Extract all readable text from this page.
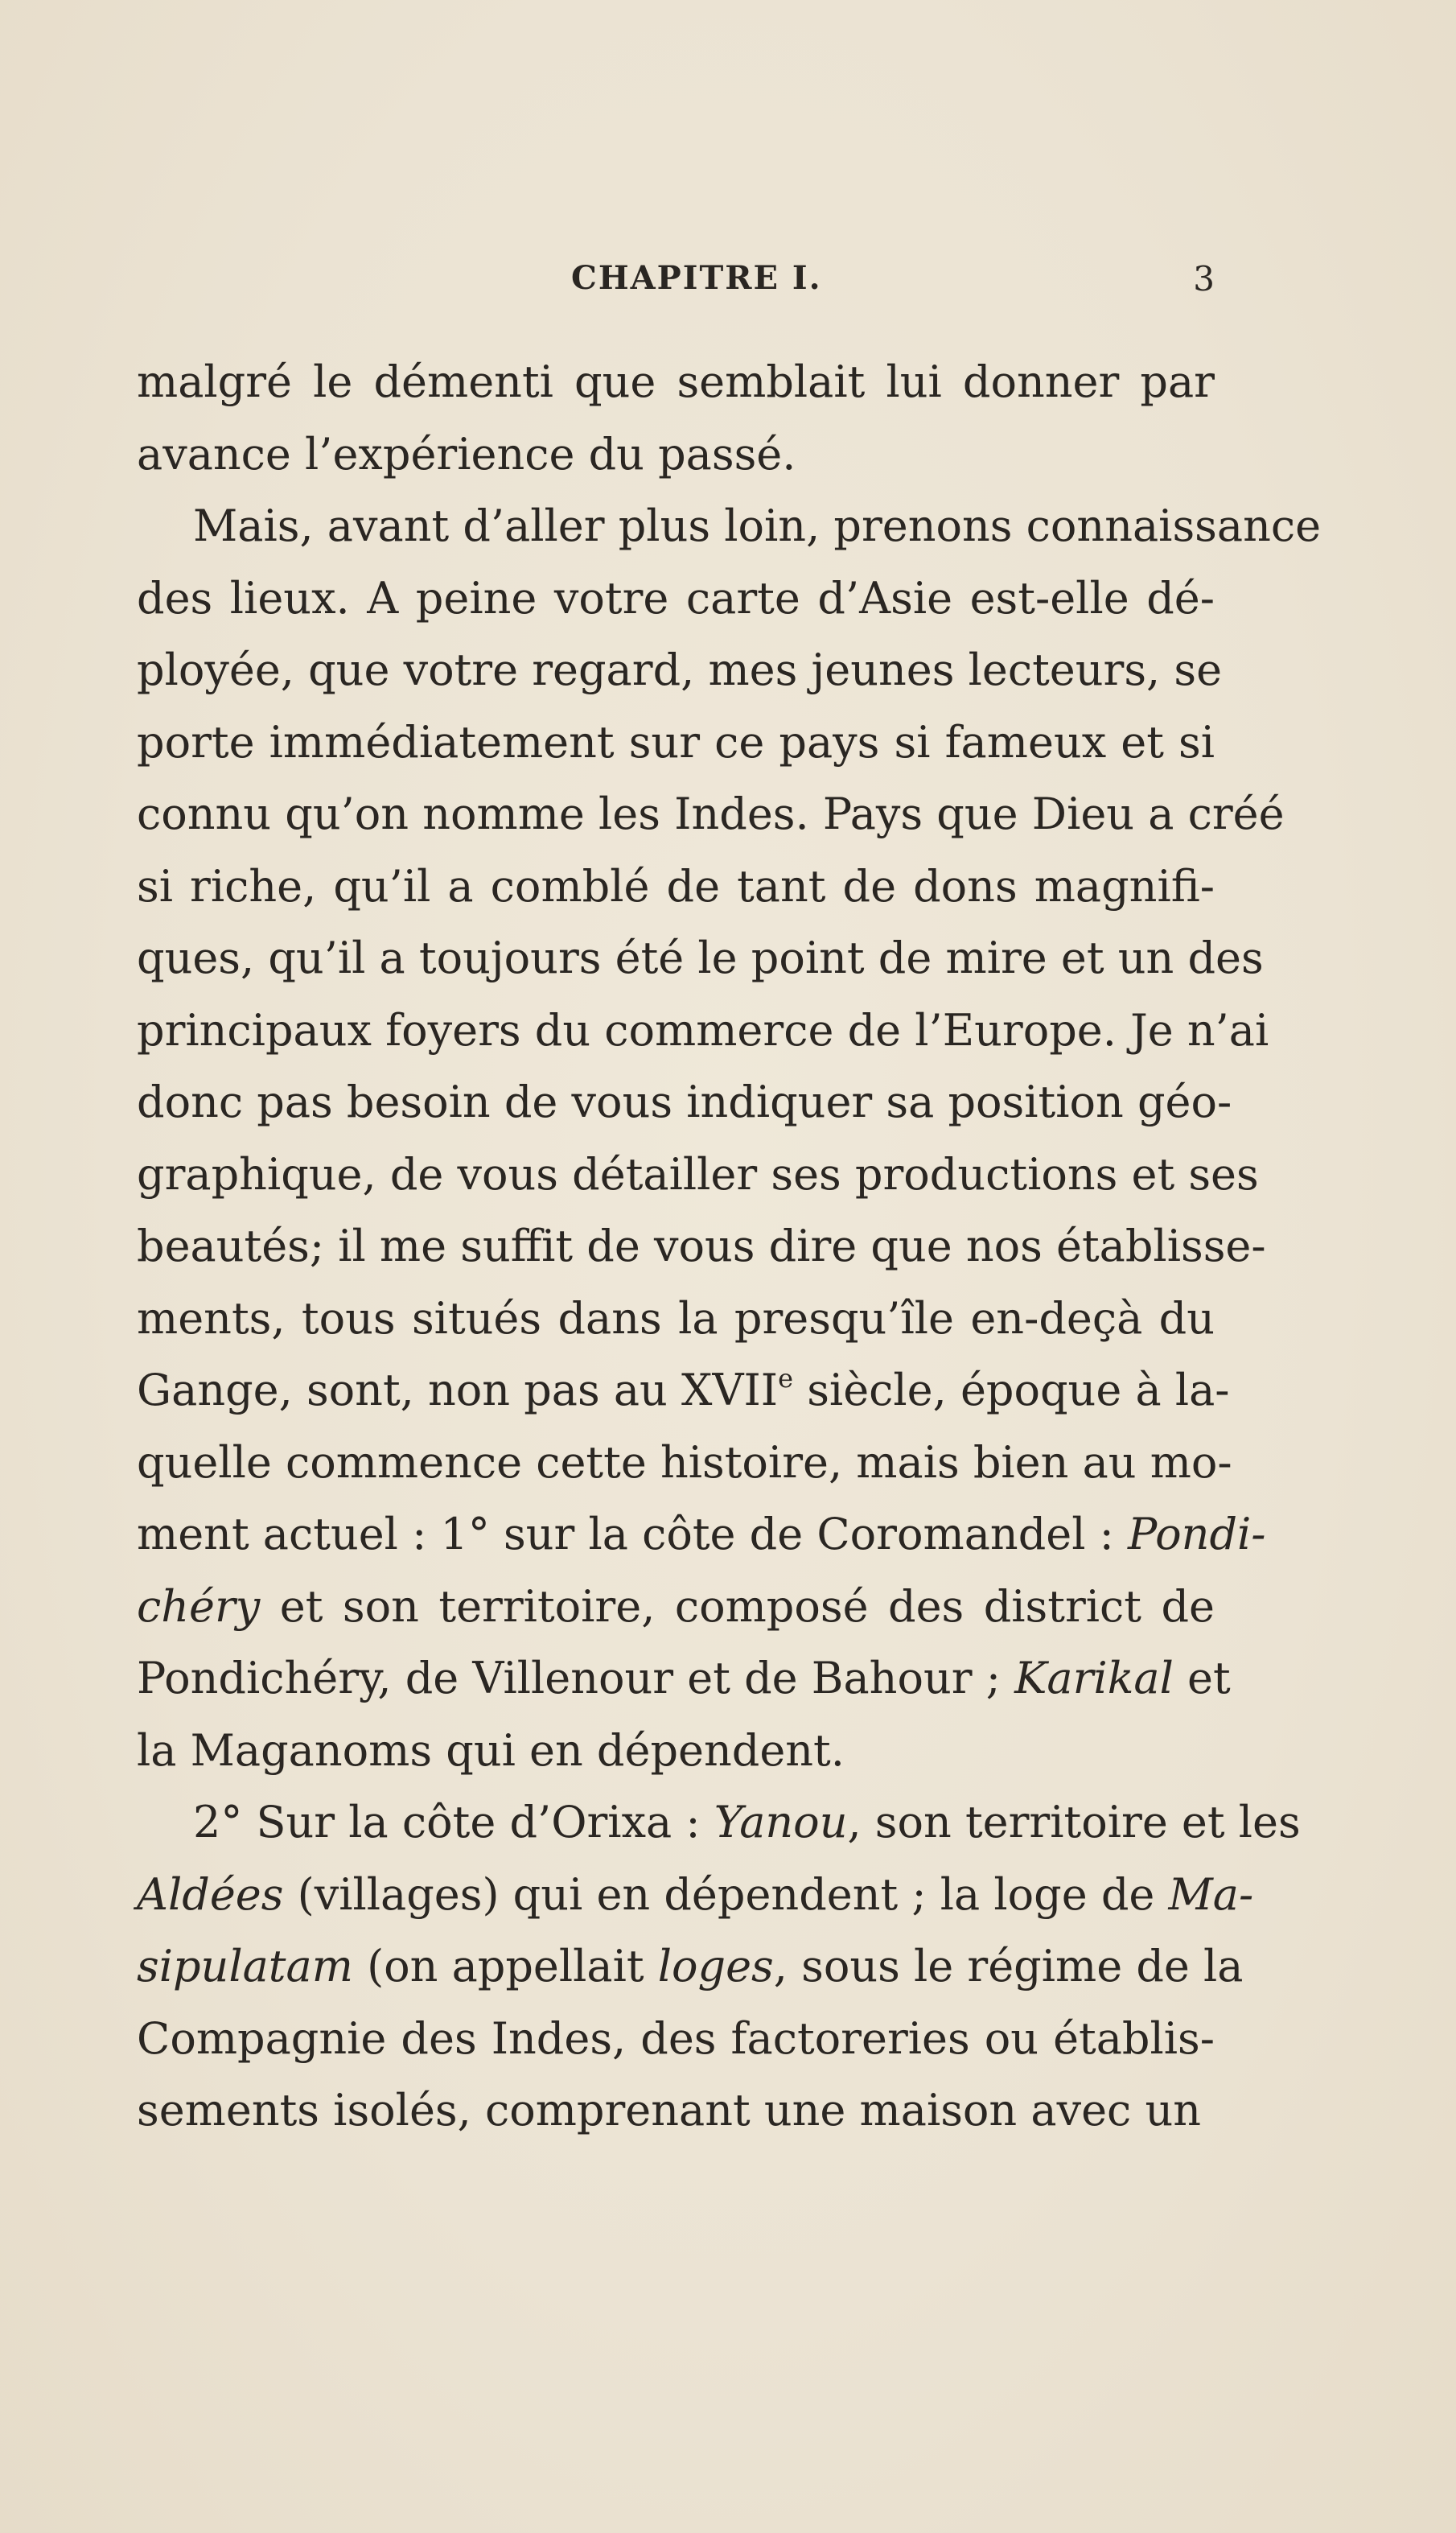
CHAPITRE I.	3
malgré le démenti que semblait lui donner par
avance l’expérience du passé.
Mais, avant d’aller plus loin, prenons connaissance
des lieux. A peine votre carte d’Asie est-elle dé-
ployée, que votre regard, mes jeunes lecteurs, se
porte immédiatement sur ce pays si fameux et si
connu qu’on nomme les Indes. Pays que Dieu a créé
si riche, qu’il a comblé de tant de dons magnifi-
ques, qu’il a toujours été le point de mire et un des
principaux foyers du commerce de l’Europe. Je n’ai
donc pas besoin de vous indiquer sa position géo-
graphique, de vous détailler ses productions et ses
beautés; il me suffit de vous dire que nos établisse-
ments, tous situés dans la presqu’île en-deçà du
Gange, sont, non pas au XVIIe siècle, époque à la-
quelle commence cette histoire, mais bien au mo-
ment actuel : 1° sur la côte de Coromandel : Pondi-
chéry et son territoire, composé des district de
Pondichéry, de Villenour et de Bahour ; Karikal et
la Maganoms qui en dépendent.
2° Sur la côte d’Orixa : Yanou, son territoire et les
Aldées (villages) qui en dépendent ; la loge de Ma-
sipulatam (on appellait loges, sous le régime de la
Compagnie des Indes, des factoreries ou établis-
sements isolés, comprenant une maison avec un
